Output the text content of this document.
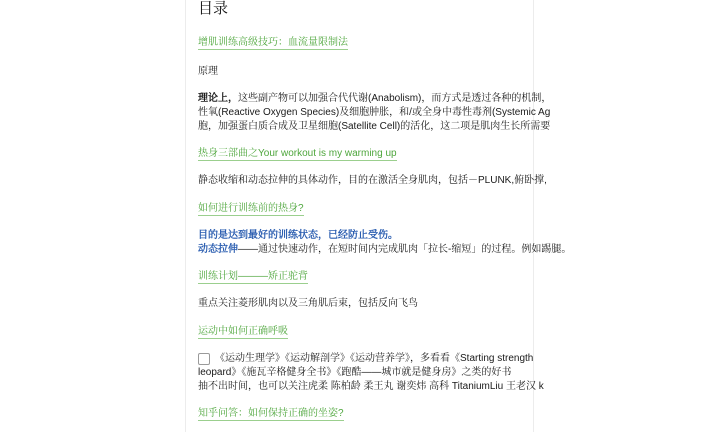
目录
增肌训练高级技巧：血流量限制法
原理
理论上，这些副产物可以加强合代代谢(Anabolism)，而方式是透过各种的机制，
性氧(Reactive Oxygen Species)及细胞肿胀，和/或全身中毒性毒剂(Systemic Ag
胞，加强蛋白质合成及卫星细胞(Satellite Cell)的活化，这二项是肌肉生长所需要
热身三部曲之Your workout is my warming up
静态收缩和动态拉伸的具体动作，目的在激活全身肌肉，包括－PLUNK,俯卧撑,
如何进行训练前的热身?
目的是达到最好的训练状态，已经防止受伤。
动态拉伸——通过快速动作，在短时间内完成肌肉「拉长-缩短」的过程。例如踢腿。
训练计划———矫正驼背
重点关注菱形肌肉以及三角肌后束，包括反向飞鸟
运动中如何正确呼吸
《运动生理学》《运动解剖学》《运动营养学》，多看看《Starting strength
leopard》《施瓦辛格健身全书》《跑酷——城市就是健身房》之类的好书
抽不出时间，也可以关注虎柔 陈柏龄 柔王丸 谢奕炜 高科 TitaniumLiu 王老汉 k
知乎问答：如何保持正确的坐姿?
